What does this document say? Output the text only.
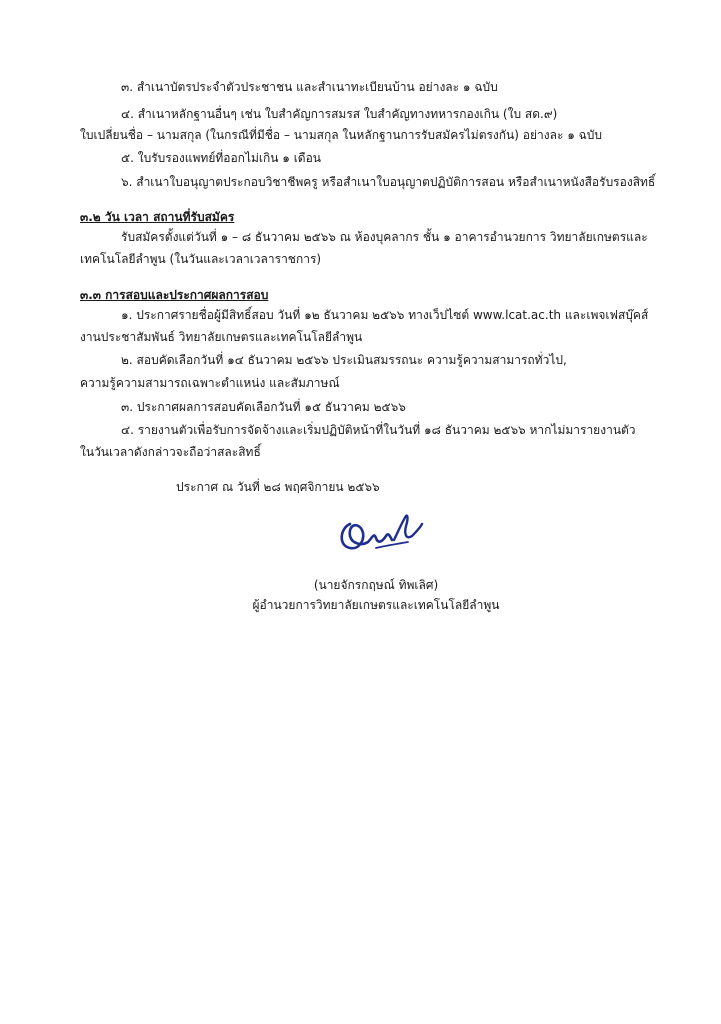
๓. สำเนาบัตรประจำตัวประชาชน และสำเนาทะเบียนบ้าน อย่างละ ๑ ฉบับ
๔. สำเนาหลักฐานอื่นๆ เช่น ใบสำคัญการสมรส ใบสำคัญทางทหารกองเกิน (ใบ สด.๙)
ใบเปลี่ยนชื่อ – นามสกุล (ในกรณีที่มีชื่อ – นามสกุล ในหลักฐานการรับสมัครไม่ตรงกัน) อย่างละ ๑ ฉบับ
๕. ใบรับรองแพทย์ที่ออกไม่เกิน ๑ เดือน
๖. สำเนาใบอนุญาตประกอบวิชาชีพครู หรือสำเนาใบอนุญาตปฏิบัติการสอน หรือสำเนาหนังสือรับรองสิทธิ์
๓.๒ วัน เวลา สถานที่รับสมัคร
รับสมัครตั้งแต่วันที่ ๑ – ๘ ธันวาคม ๒๕๖๖ ณ ห้องบุคลากร ชั้น ๑ อาคารอำนวยการ วิทยาลัยเกษตรและ
เทคโนโลยีลำพูน (ในวันและเวลาเวลาราชการ)
๓.๓ การสอบและประกาศผลการสอบ
๑. ประกาศรายชื่อผู้มีสิทธิ์สอบ วันที่ ๑๒ ธันวาคม ๒๕๖๖ ทางเว็ปไซต์ www.lcat.ac.th และเพจเฟสบุ๊คส์
งานประชาสัมพันธ์ วิทยาลัยเกษตรและเทคโนโลยีลำพูน
๒. สอบคัดเลือกวันที่ ๑๔ ธันวาคม ๒๕๖๖ ประเมินสมรรถนะ ความรู้ความสามารถทั่วไป,
ความรู้ความสามารถเฉพาะตำแหน่ง และสัมภาษณ์
๓. ประกาศผลการสอบคัดเลือกวันที่ ๑๕ ธันวาคม ๒๕๖๖
๔. รายงานตัวเพื่อรับการจัดจ้างและเริ่มปฏิบัติหน้าที่ในวันที่ ๑๘ ธันวาคม ๒๕๖๖ หากไม่มารายงานตัว
ในวันเวลาดังกล่าวจะถือว่าสละสิทธิ์
ประกาศ ณ วันที่ ๒๘ พฤศจิกายน ๒๕๖๖
(นายจักรกฤษณ์ ทิพเลิศ)
ผู้อำนวยการวิทยาลัยเกษตรและเทคโนโลยีลำพูน
